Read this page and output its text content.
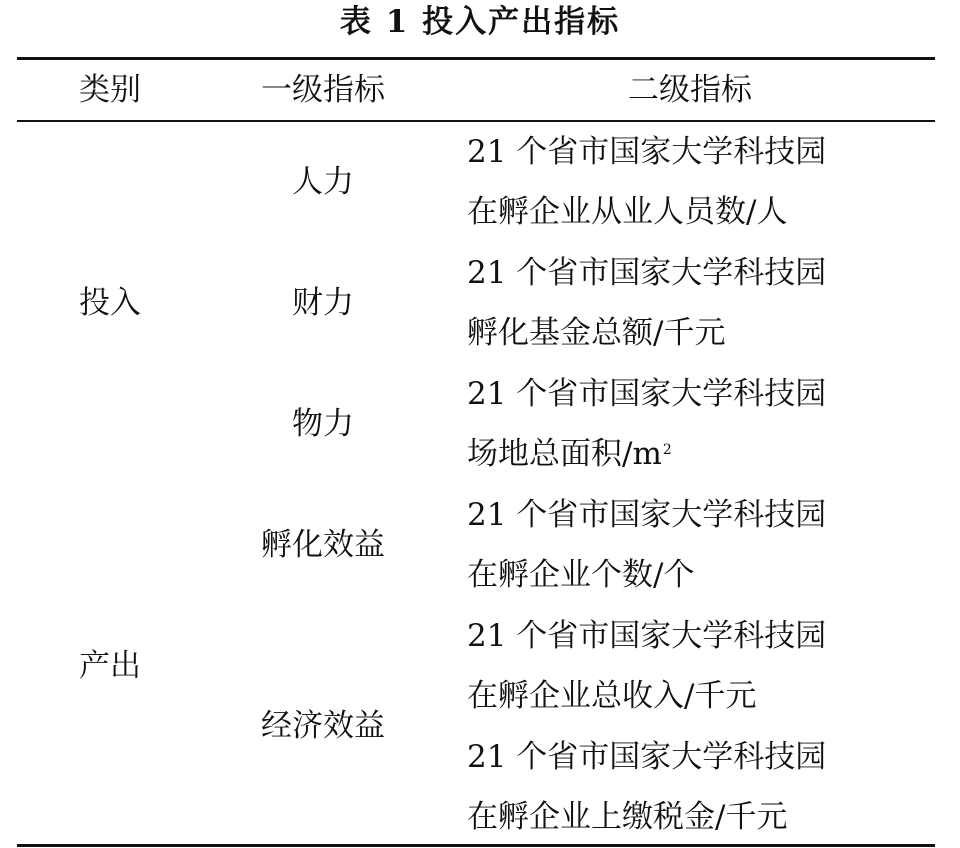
表 1 投入产出指标
类别	一级指标	二级指标
投入
产出
人力
财力
物力
孵化效益
经济效益
21 个省市国家大学科技园
在孵企业从业人员数/人
21 个省市国家大学科技园
孵化基金总额/千元
21 个省市国家大学科技园
场地总面积$/m^2$
21 个省市国家大学科技园
在孵企业个数/个
21 个省市国家大学科技园
在孵企业总收入/千元
21 个省市国家大学科技园
在孵企业上缴税金/千元
